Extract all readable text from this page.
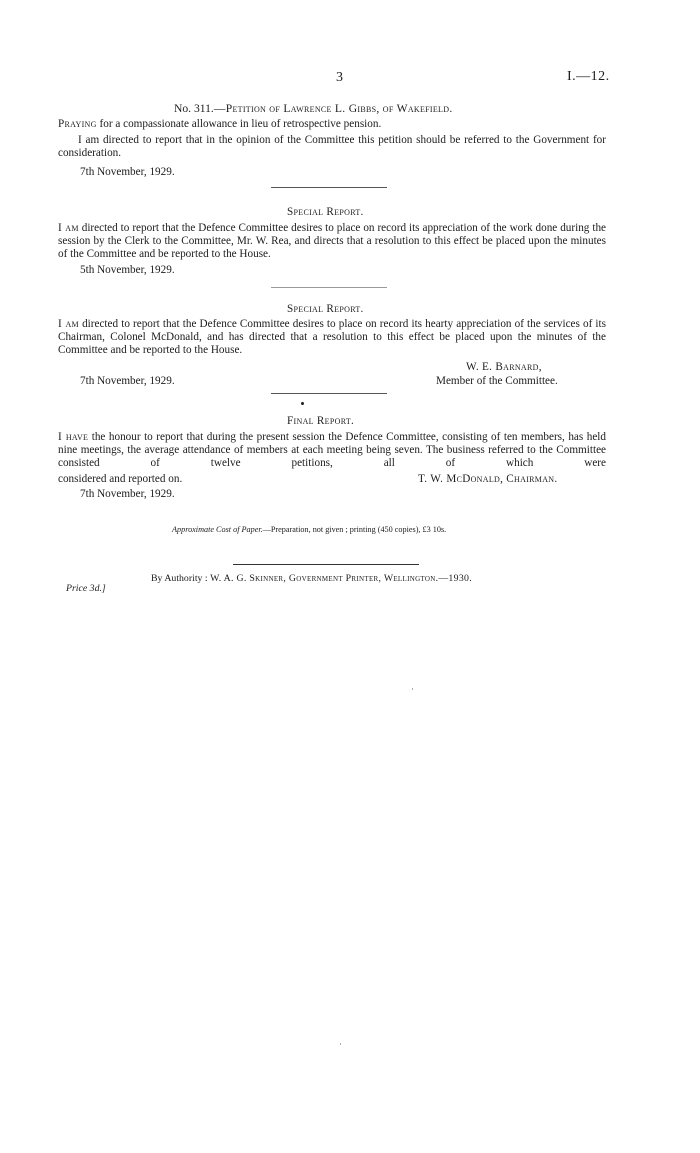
3	I.—12.
No. 311.—Petition of Lawrence L. Gibbs, of Wakefield.
Praying for a compassionate allowance in lieu of retrospective pension.

I am directed to report that in the opinion of the Committee this petition should be referred to the Government for consideration.

7th November, 1929.
Special Report.

I am directed to report that the Defence Committee desires to place on record its appreciation of the work done during the session by the Clerk to the Committee, Mr. W. Rea, and directs that a resolution to this effect be placed upon the minutes of the Committee and be reported to the House.

5th November, 1929.
Special Report.

I am directed to report that the Defence Committee desires to place on record its hearty appreciation of the services of its Chairman, Colonel McDonald, and has directed that a resolution to this effect be placed upon the minutes of the Committee and be reported to the House.

W. E. Barnard,
7th November, 1929.	Member of the Committee.
Final Report.

I have the honour to report that during the present session the Defence Committee, consisting of ten members, has held nine meetings, the average attendance of members at each meeting being seven. The business referred to the Committee consisted of twelve petitions, all of which were

considered and reported on.	T. W. McDonald, Chairman.
7th November, 1929.
Approximate Cost of Paper.—Preparation, not given ; printing (450 copies), £3 10s.
By Authority : W. A. G. Skinner, Government Printer, Wellington.—1930.
Price 3d.]
